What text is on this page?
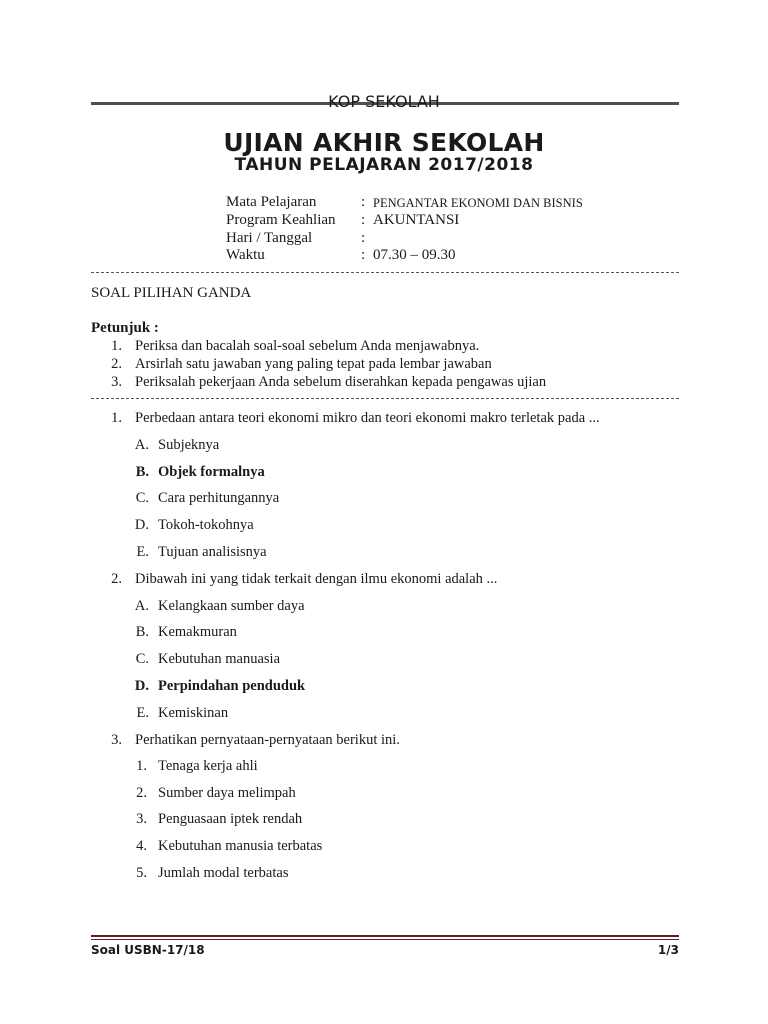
KOP SEKOLAH
UJIAN AKHIR SEKOLAH
TAHUN PELAJARAN 2017/2018
Mata Pelajaran	: PENGANTAR EKONOMI DAN BISNIS
Program Keahlian : AKUNTANSI
Hari / Tanggal	:
Waktu	: 07.30 – 09.30
SOAL PILIHAN GANDA
Petunjuk :
1. Periksa dan bacalah soal-soal sebelum Anda menjawabnya.
2. Arsirlah satu jawaban yang paling tepat pada lembar jawaban
3. Periksalah pekerjaan Anda sebelum diserahkan kepada pengawas ujian
1. Perbedaan antara teori ekonomi mikro dan teori ekonomi makro terletak pada ...
A. Subjeknya
B. Objek formalnya
C. Cara perhitungannya
D. Tokoh-tokohnya
E. Tujuan analisisnya
2. Dibawah ini yang tidak terkait dengan ilmu ekonomi adalah ...
A. Kelangkaan sumber daya
B. Kemakmuran
C. Kebutuhan manuasia
D. Perpindahan penduduk
E. Kemiskinan
3. Perhatikan pernyataan-pernyataan berikut ini.
1. Tenaga kerja ahli
2. Sumber daya melimpah
3. Penguasaan iptek rendah
4. Kebutuhan manusia terbatas
5. Jumlah modal terbatas
Soal USBN-17/18	1/3
